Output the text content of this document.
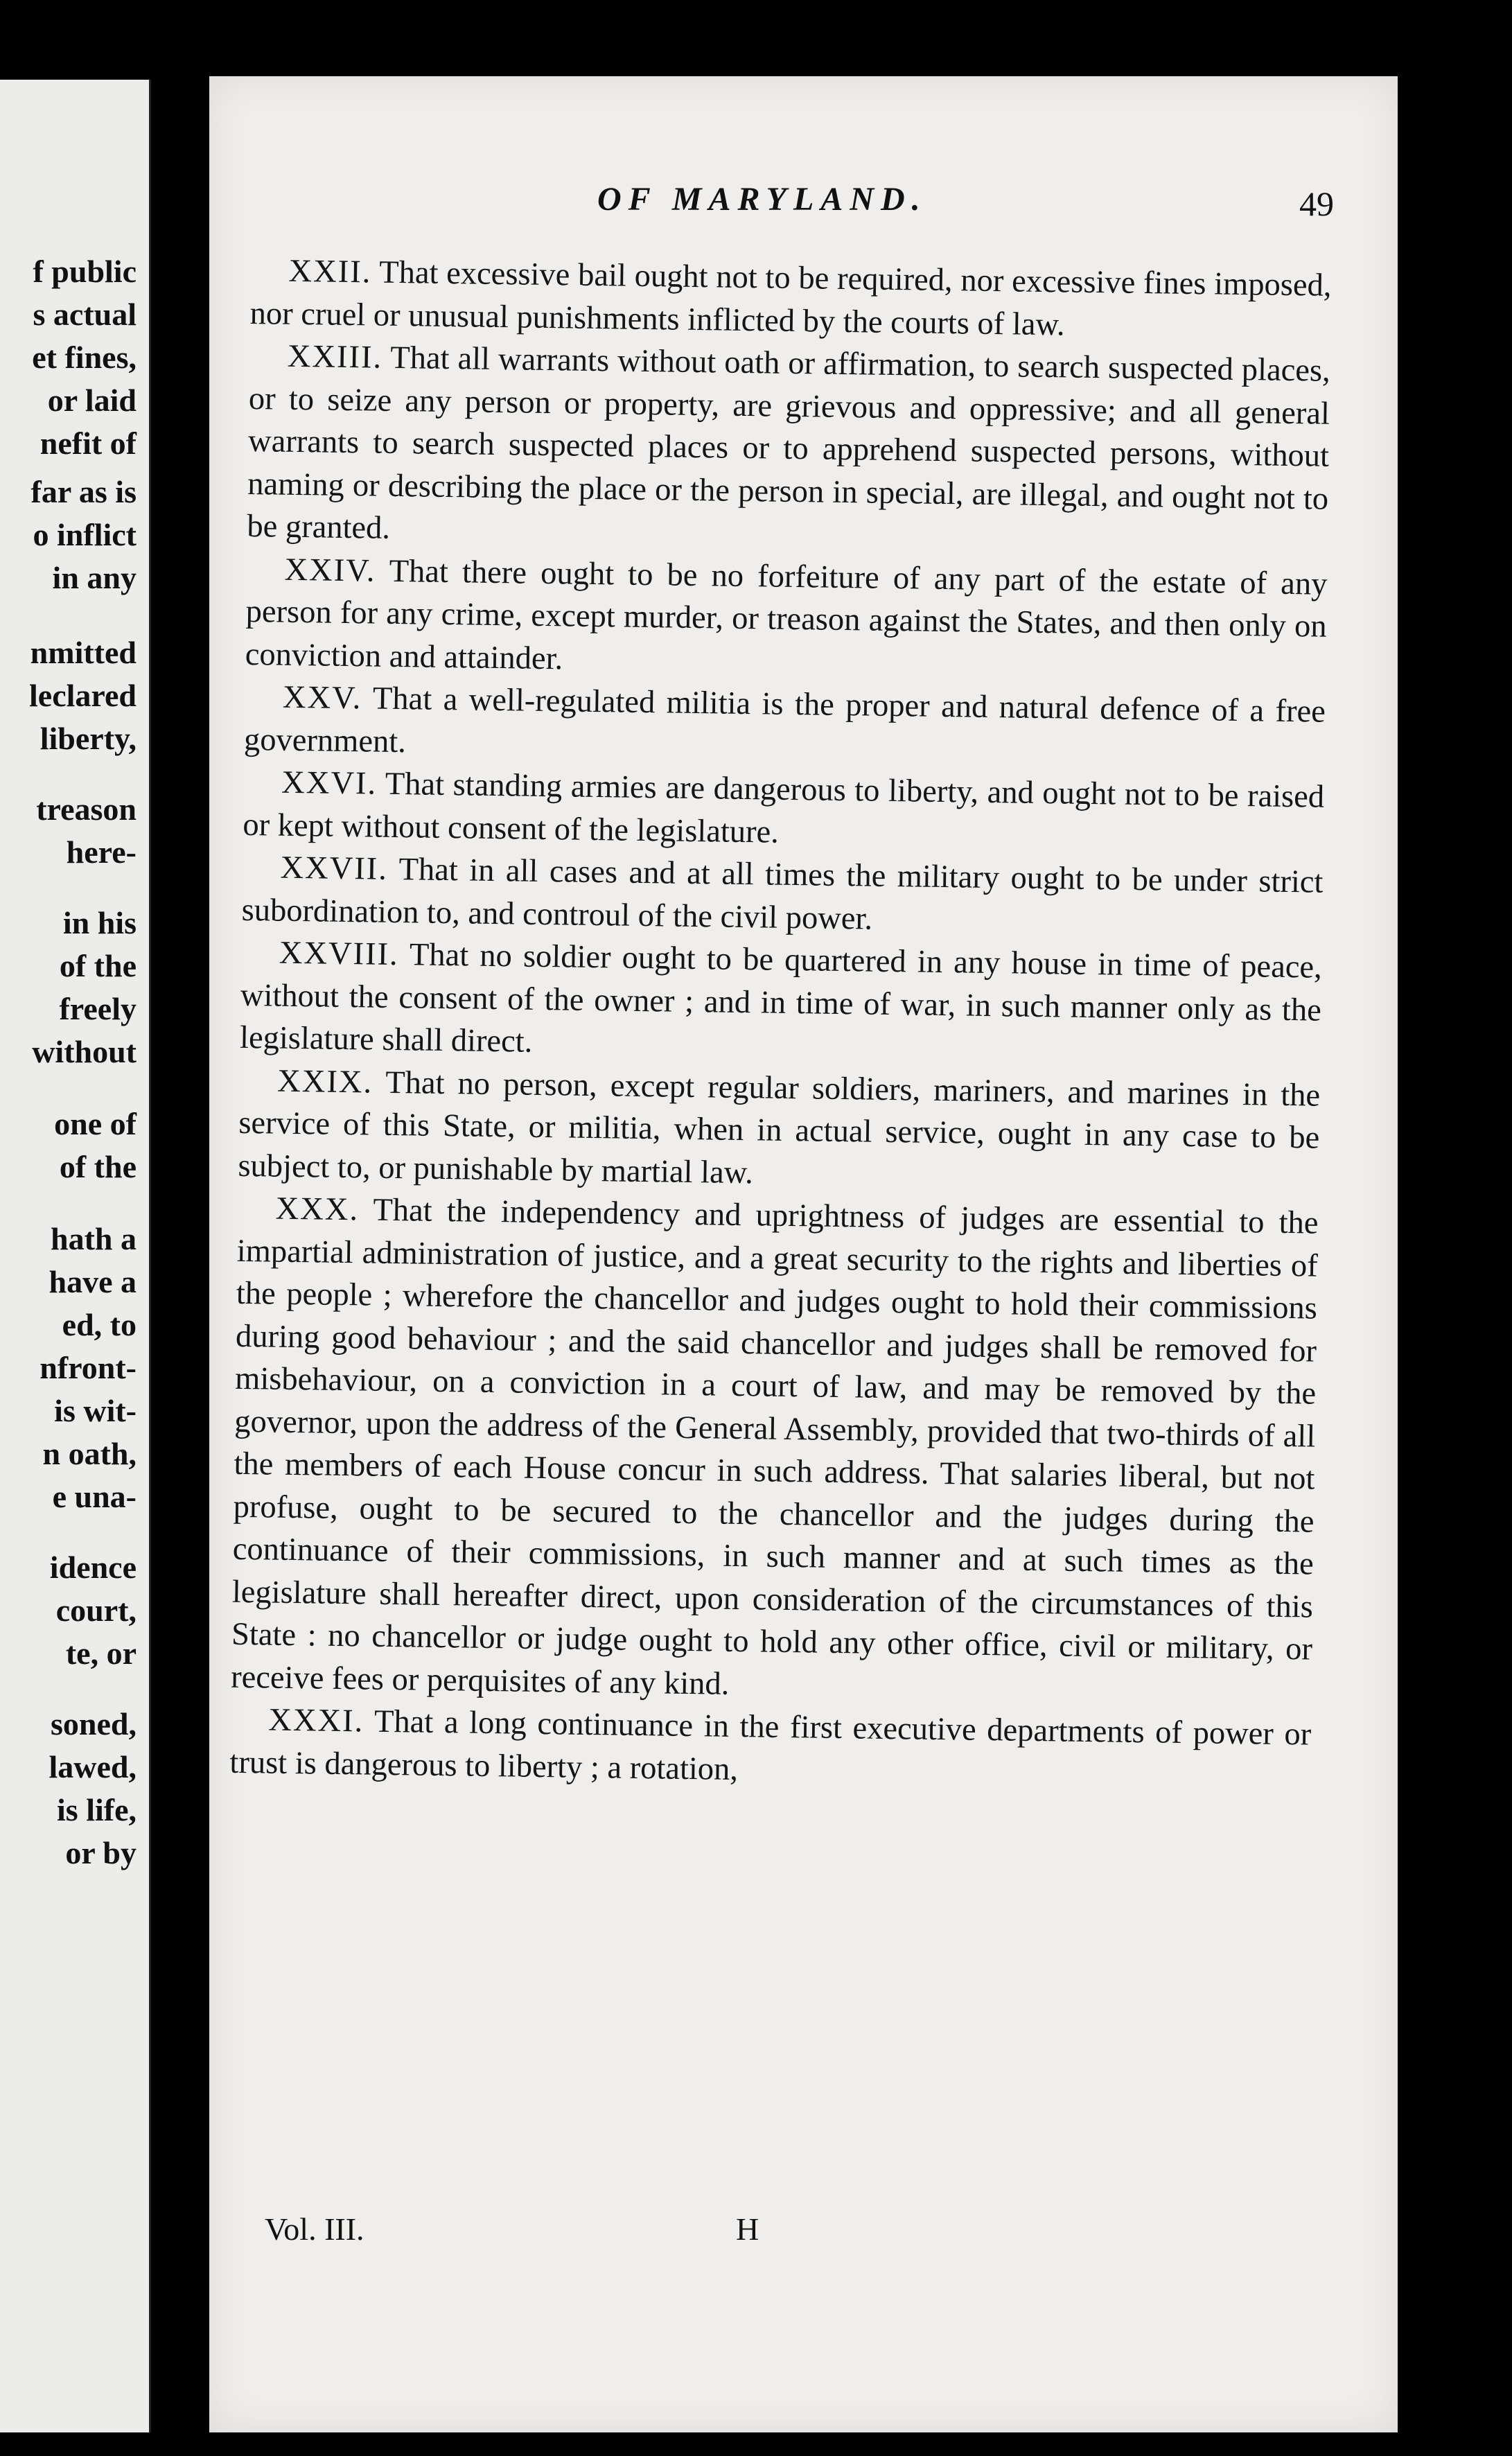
f public
s actual
et fines,
or laid
nefit of
far as is
o inflict
in any
nmitted
leclared
liberty,
treason
here-
in his
of the
freely
without
one of
of the
hath a
have a
ed, to
nfront-
is wit-
n oath,
e una-
idence
court,
te, or
soned,
lawed,
is life,
or by
OF MARYLAND.	49

XXII. That excessive bail ought not to be required, nor excessive fines imposed, nor cruel or unusual punishments inflicted by the courts of law.

XXIII. That all warrants without oath or affirmation, to search suspected places, or to seize any person or property, are grievous and oppressive; and all general warrants to search suspected places or to apprehend suspected persons, without naming or describing the place or the person in special, are illegal, and ought not to be granted.

XXIV. That there ought to be no forfeiture of any part of the estate of any person for any crime, except murder, or treason against the States, and then only on conviction and attainder.

XXV. That a well-regulated militia is the proper and natural defence of a free government.

XXVI. That standing armies are dangerous to liberty, and ought not to be raised or kept without consent of the legislature.

XXVII. That in all cases and at all times the military ought to be under strict subordination to, and controul of the civil power.

XXVIII. That no soldier ought to be quartered in any house in time of peace, without the consent of the owner ; and in time of war, in such manner only as the legislature shall direct.

XXIX. That no person, except regular soldiers, mariners, and marines in the service of this State, or militia, when in actual service, ought in any case to be subject to, or punishable by martial law.

XXX. That the independency and uprightness of judges are essential to the impartial administration of justice, and a great security to the rights and liberties of the people ; wherefore the chancellor and judges ought to hold their commissions during good behaviour ; and the said chancellor and judges shall be removed for misbehaviour, on a conviction in a court of law, and may be removed by the governor, upon the address of the General Assembly, provided that two-thirds of all the members of each House concur in such address. That salaries liberal, but not profuse, ought to be secured to the chancellor and the judges during the continuance of their commissions, in such manner and at such times as the legislature shall hereafter direct, upon consideration of the circumstances of this State : no chancellor or judge ought to hold any other office, civil or military, or receive fees or perquisites of any kind.

XXXI. That a long continuance in the first executive departments of power or trust is dangerous to liberty ; a rotation,

Vol. III.	H
